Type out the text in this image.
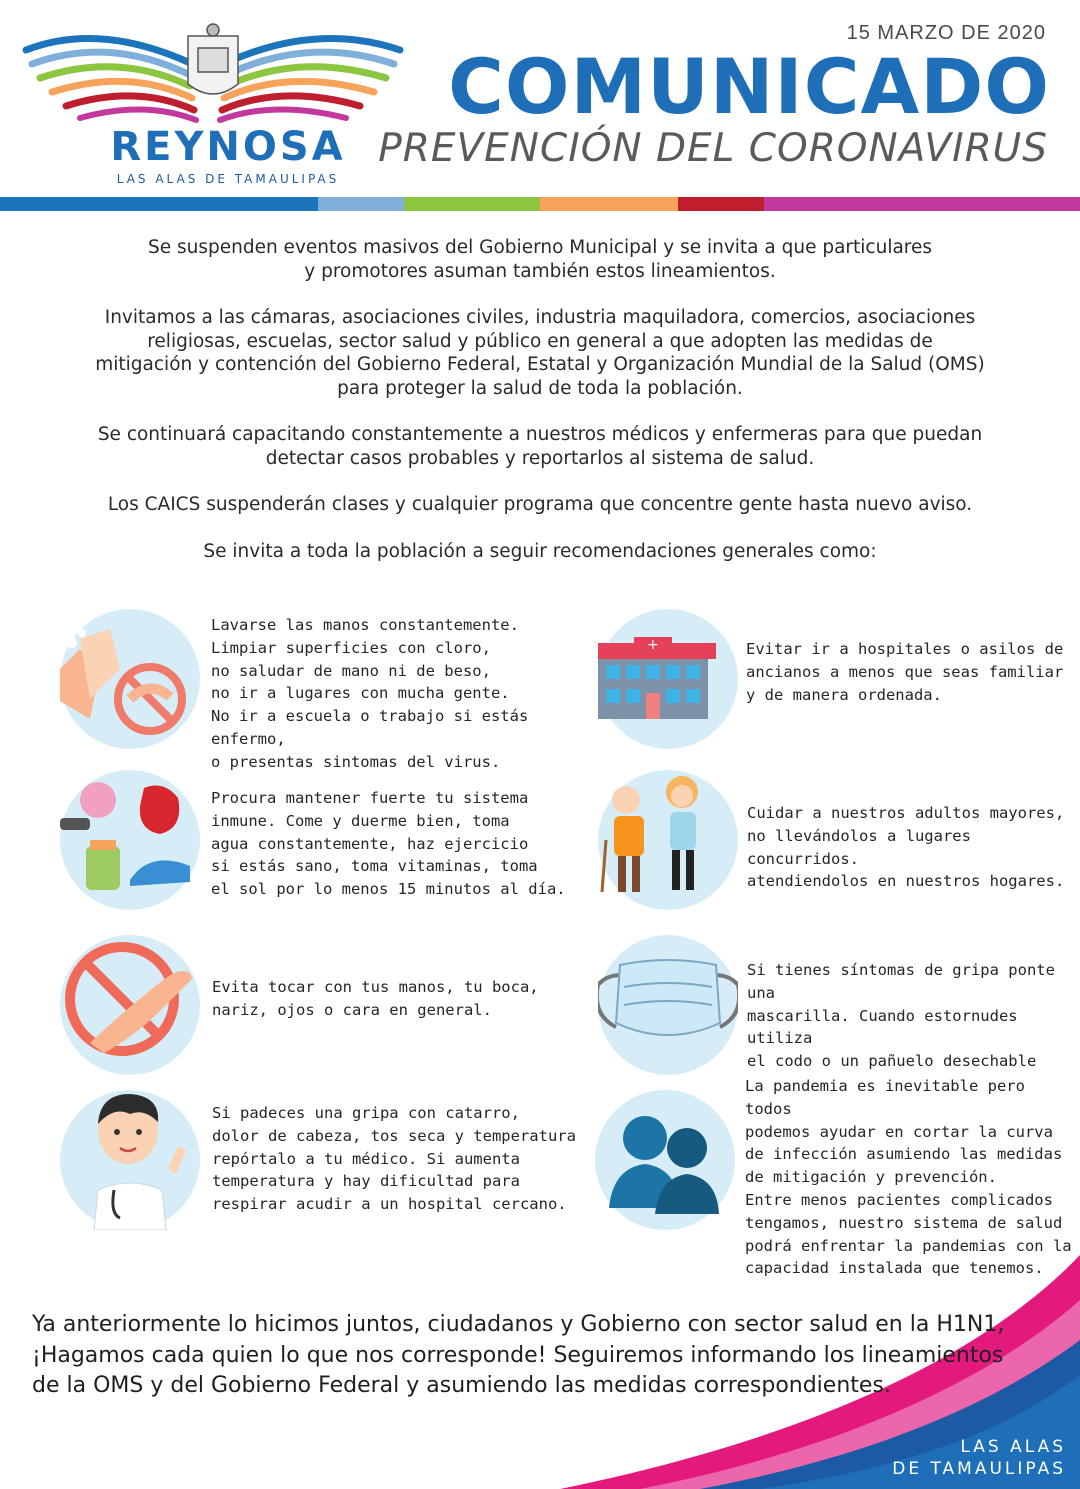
REYNOSA
LAS ALAS DE TAMAULIPAS
15 MARZO DE 2020
COMUNICADO
PREVENCIÓN DEL CORONAVIRUS

Se suspenden eventos masivos del Gobierno Municipal y se invita a que particulares
y promotores asuman también estos lineamientos.

Invitamos a las cámaras, asociaciones civiles, industria maquiladora, comercios, asociaciones
religiosas, escuelas, sector salud y público en general a que adopten las medidas de
mitigación y contención del Gobierno Federal, Estatal y Organización Mundial de la Salud (OMS)
para proteger la salud de toda la población.

Se continuará capacitando constantemente a nuestros médicos y enfermeras para que puedan
detectar casos probables y reportarlos al sistema de salud.

Los CAICS suspenderán clases y cualquier programa que concentre gente hasta nuevo aviso.

Se invita a toda la población a seguir recomendaciones generales como:

Lavarse las manos constantemente.
Limpiar superficies con cloro,
no saludar de mano ni de beso,
no ir a lugares con mucha gente.
No ir a escuela o trabajo si estás enfermo,
o presentas sintomas del virus.
Procura mantener fuerte tu sistema
inmune. Come y duerme bien, toma
agua constantemente, haz ejercicio
si estás sano, toma vitaminas, toma
el sol por lo menos 15 minutos al día.
Evita tocar con tus manos, tu boca,
nariz, ojos o cara en general.
Si padeces una gripa con catarro,
dolor de cabeza, tos seca y temperatura
repórtalo a tu médico. Si aumenta
temperatura y hay dificultad para
respirar acudir a un hospital cercano.
+	Evitar ir a hospitales o asilos de
ancianos a menos que seas familiar
y de manera ordenada.
Cuidar a nuestros adultos mayores,
no llevándolos a lugares concurridos.
atendiendolos en nuestros hogares.
Si tienes síntomas de gripa ponte una
mascarilla. Cuando estornudes utiliza
el codo o un pañuelo desechable
La pandemia es inevitable pero todos
podemos ayudar en cortar la curva
de infección asumiendo las medidas
de mitigación y prevención.
Entre menos pacientes complicados
tengamos, nuestro sistema de salud
podrá enfrentar la pandemias con la
capacidad instalada que tenemos.
Ya anteriormente lo hicimos juntos, ciudadanos y Gobierno con sector salud en la H1N1,
¡Hagamos cada quien lo que nos corresponde! Seguiremos informando los lineamientos
de la OMS y del Gobierno Federal y asumiendo las medidas correspondientes.
LAS ALAS
DE TAMAULIPAS
